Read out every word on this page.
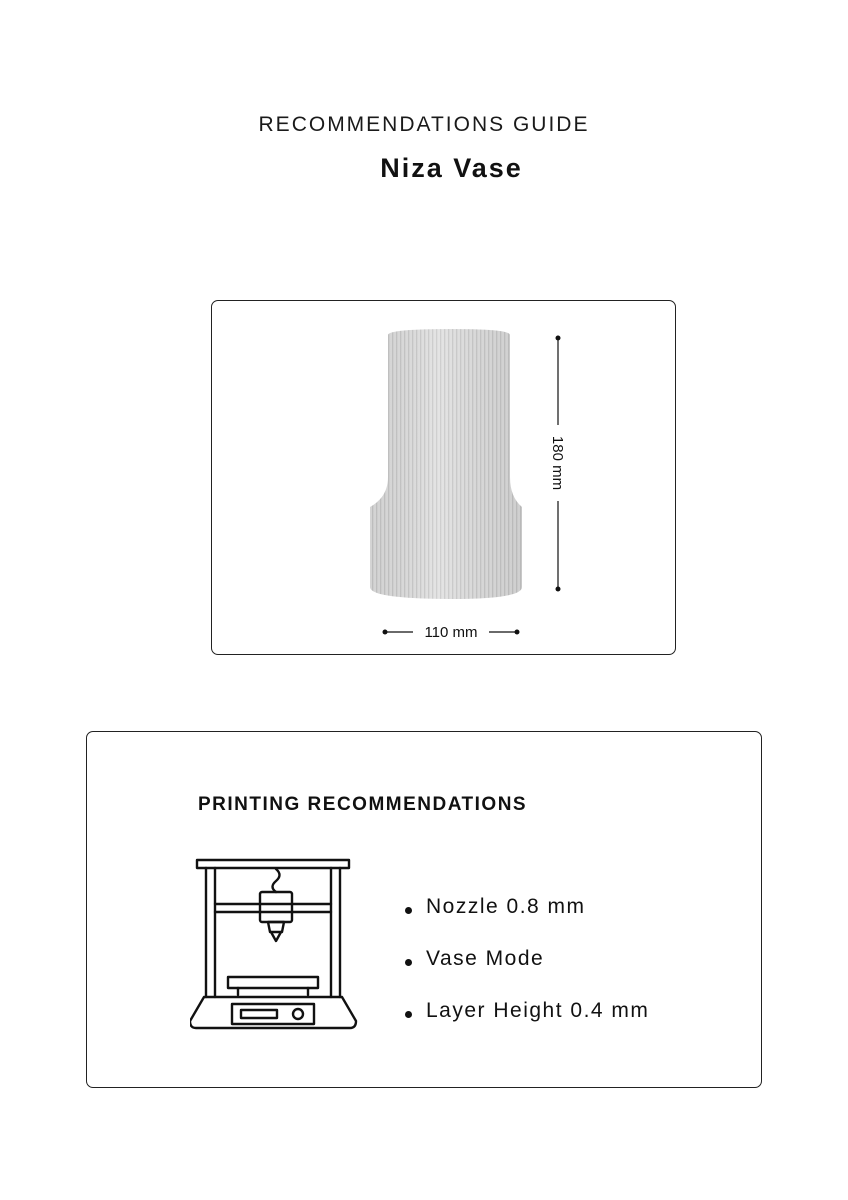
RECOMMENDATIONS GUIDE
Niza Vase
180 mm
110 mm
PRINTING RECOMMENDATIONS
Nozzle 0.8 mm
Vase Mode
Layer Height 0.4 mm
